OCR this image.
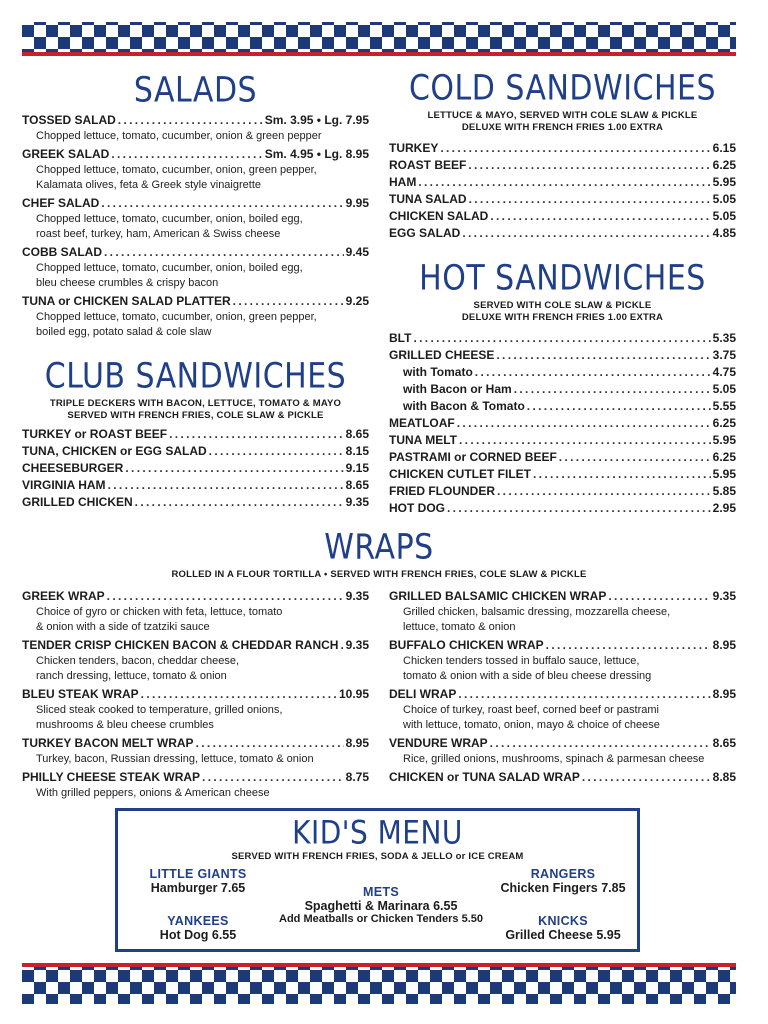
SALADS
TOSSED SALAD . . .	Sm. 3.95 • Lg. 7.95
Chopped lettuce, tomato, cucumber, onion & green pepper
GREEK SALAD . . .	Sm. 4.95 • Lg. 8.95
Chopped lettuce, tomato, cucumber, onion, green pepper,
Kalamata olives, feta & Greek style vinaigrette
CHEF SALAD . . .	9.95
Chopped lettuce, tomato, cucumber, onion, boiled egg,
roast beef, turkey, ham, American & Swiss cheese
COBB SALAD . . .	9.45
Chopped lettuce, tomato, cucumber, onion, boiled egg,
bleu cheese crumbles & crispy bacon
TUNA or CHICKEN SALAD PLATTER . . .	9.25
Chopped lettuce, tomato, cucumber, onion, green pepper,
boiled egg, potato salad & cole slaw
CLUB SANDWICHES
TRIPLE DECKERS WITH BACON, LETTUCE, TOMATO & MAYO
SERVED WITH FRENCH FRIES, COLE SLAW & PICKLE
TURKEY or ROAST BEEF . . .	8.65
TUNA, CHICKEN or EGG SALAD . . .	8.15
CHEESEBURGER . . .	9.15
VIRGINIA HAM . . .	8.65
GRILLED CHICKEN . . .	9.35
COLD SANDWICHES
LETTUCE & MAYO, SERVED WITH COLE SLAW & PICKLE
DELUXE WITH FRENCH FRIES 1.00 EXTRA
TURKEY . . .	6.15
ROAST BEEF . . .	6.25
HAM . . .	5.95
TUNA SALAD . . .	5.05
CHICKEN SALAD . . .	5.05
EGG SALAD . . .	4.85
HOT SANDWICHES
SERVED WITH COLE SLAW & PICKLE
DELUXE WITH FRENCH FRIES 1.00 EXTRA
BLT . . .	5.35
GRILLED CHEESE . . .	3.75
with Tomato . . .	4.75
with Bacon or Ham . . .	5.05
with Bacon & Tomato . . .	5.55
MEATLOAF . . .	6.25
TUNA MELT . . .	5.95
PASTRAMI or CORNED BEEF . . .	6.25
CHICKEN CUTLET FILET . . .	5.95
FRIED FLOUNDER . . .	5.85
HOT DOG . . .	2.95
WRAPS
ROLLED IN A FLOUR TORTILLA • SERVED WITH FRENCH FRIES, COLE SLAW & PICKLE
GREEK WRAP . . .	9.35
Choice of gyro or chicken with feta, lettuce, tomato
& onion with a side of tzatziki sauce
TENDER CRISP CHICKEN BACON & CHEDDAR RANCH . . . 9.35
Chicken tenders, bacon, cheddar cheese,
ranch dressing, lettuce, tomato & onion
BLEU STEAK WRAP . . .	10.95
Sliced steak cooked to temperature, grilled onions,
mushrooms & bleu cheese crumbles
TURKEY BACON MELT WRAP . . .	8.95
Turkey, bacon, Russian dressing, lettuce, tomato & onion
PHILLY CHEESE STEAK WRAP . . .	8.75
With grilled peppers, onions & American cheese
GRILLED BALSAMIC CHICKEN WRAP . . .	9.35
Grilled chicken, balsamic dressing, mozzarella cheese,
lettuce, tomato & onion
BUFFALO CHICKEN WRAP . . .	8.95
Chicken tenders tossed in buffalo sauce, lettuce,
tomato & onion with a side of bleu cheese dressing
DELI WRAP . . .	8.95
Choice of turkey, roast beef, corned beef or pastrami
with lettuce, tomato, onion, mayo & choice of cheese
VENDURE WRAP . . .	8.65
Rice, grilled onions, mushrooms, spinach & parmesan cheese
CHICKEN or TUNA SALAD WRAP . . .	8.85
KID'S MENU
SERVED WITH FRENCH FRIES, SODA & JELLO or ICE CREAM
LITTLE GIANTS
Hamburger 7.65
YANKEES
Hot Dog 6.55
METS
Spaghetti & Marinara 6.55
Add Meatballs or Chicken Tenders 5.50
RANGERS
Chicken Fingers 7.85
KNICKS
Grilled Cheese 5.95
